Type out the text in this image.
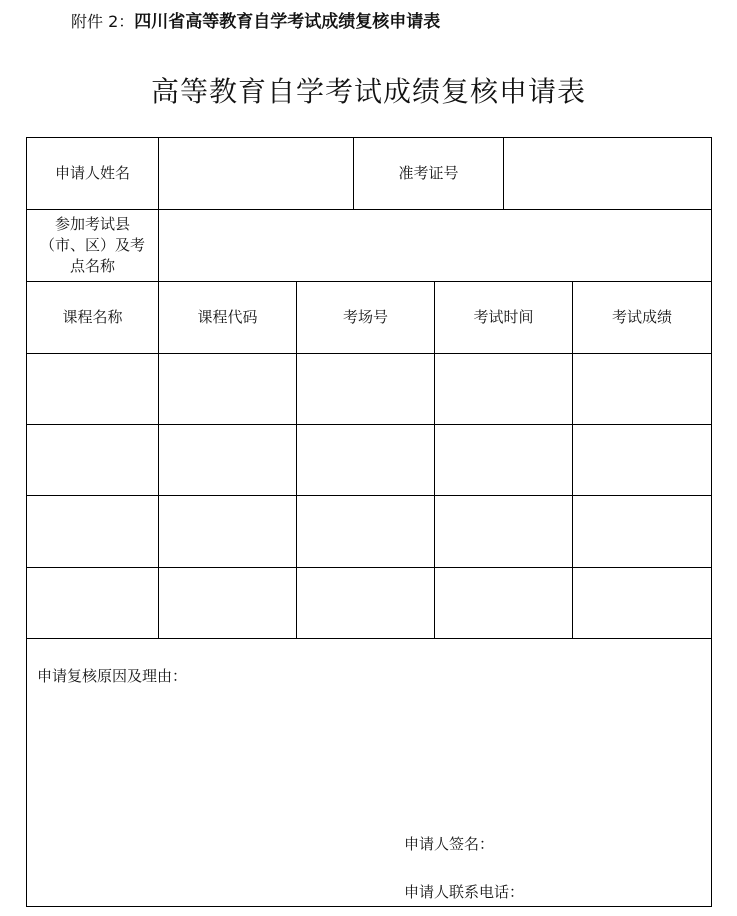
附件 2：四川省高等教育自学考试成绩复核申请表
高等教育自学考试成绩复核申请表
申请人姓名	准考证号
参加考试县（市、区）及考点名称
课程名称	课程代码	考场号	考试时间	考试成绩
申请复核原因及理由：
申请人签名：
申请人联系电话：
